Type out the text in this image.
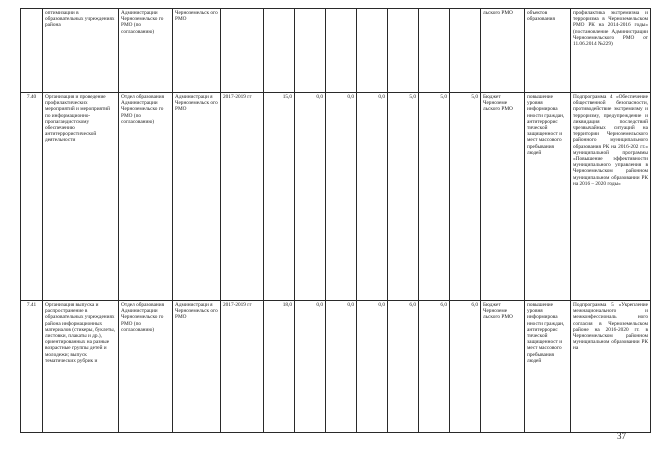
	оптимизации в образовательных учреждениях района	Администрации Черноземельско го РМО (по согласованию)	Черноземельск ого РМО									льского РМО	объектов образования	профилактика экстремизма и терроризма в Черноземельском РМО РК на 2014-2016 годы» (постановление Администрации Черноземельского РМО от 11.06.2014 №229)
7.40	Организация и проведение профилактических мероприятий и мероприятий по информационно-пропагандистскому обеспечению антитеррористической деятельности	Отдел образования Администрации Черноземельско го РМО (по согласованию)	Администраци я Черноземельск ого РМО	2017-2019 гг	15,0	0,0	0,0	0,0	5,0	5,0	5,0	Бюджет Черноземе льского РМО	повышение уровня информирова нности граждан, антитеррорис тической защищенност и мест массового пребывания людей	Подпрограмма 4 «Обеспечение общественной безопасности, противодействие экстремизму и терроризму, предупреждение и ликвидация последствий чрезвычайных ситуаций на территории Черноземельского районного муниципального образования РК на 2016-202 гг.» муниципальной программы «Повышение эффективности муниципального управления в Черноземельском районном муниципальном образовании РК на 2016 – 2020 годы»
7.41	Организация выпуска и распространение в образовательных учреждениях района информационных материалов (стикеры, буклеты, листовки, плакаты и др.), ориентированных на разные возрастные группы детей и молодежи; выпуск тематических рубрик и	Отдел образования Администрации Черноземельско го РМО (по согласованию)	Администраци я Черноземельск ого РМО	2017-2019 гг	18,0	0,0	0,0	0,0	6,0	6,0	6,0	Бюджет Черноземе льского РМО	повышение уровня информирова нности граждан, антитеррорис тической защищенност и мест массового пребывания людей	Подпрограмма 5 «Укрепление межнационального и межконфессиональ ного согласия в Черноземельском районе на 2016-2020 гг. в Черноземельском районном муниципальном образовании РК на
37
